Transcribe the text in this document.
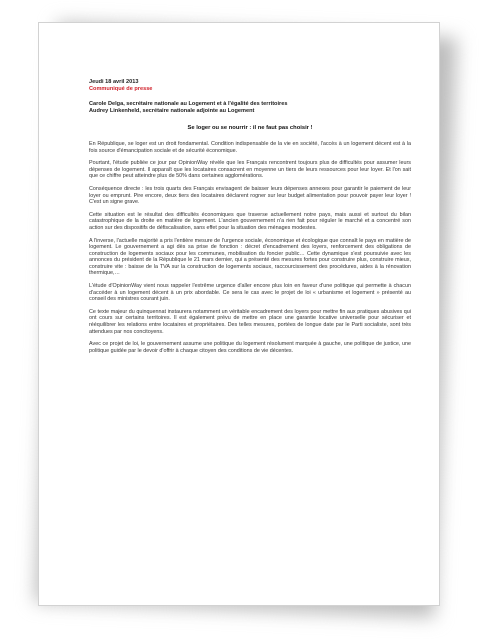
Jeudi 18 avril 2013
Communiqué de presse
Carole Delga, secrétaire nationale au Logement et à l'égalité des territoires
Audrey Linkenheld, secrétaire nationale adjointe au Logement
Se loger ou se nourrir : il ne faut pas choisir !

En République, se loger est un droit fondamental. Condition indispensable de la vie en société, l'accès à un logement décent est à la fois source d'émancipation sociale et de sécurité économique.

Pourtant, l'étude publiée ce jour par OpinionWay révèle que les Français rencontrent toujours plus de difficultés pour assumer leurs dépenses de logement. Il apparaît que les locataires consacrent en moyenne un tiers de leurs ressources pour leur loyer. Et l'on sait que ce chiffre peut atteindre plus de 50% dans certaines agglomérations.

Conséquence directe : les trois quarts des Français envisagent de baisser leurs dépenses annexes pour garantir le paiement de leur loyer ou emprunt. Pire encore, deux tiers des locataires déclarent rogner sur leur budget alimentation pour pouvoir payer leur loyer ! C'est un signe grave.

Cette situation est le résultat des difficultés économiques que traverse actuellement notre pays, mais aussi et surtout du bilan catastrophique de la droite en matière de logement. L'ancien gouvernement n'a rien fait pour réguler le marché et a concentré son action sur des dispositifs de défiscalisation, sans effet pour la situation des ménages modestes.

A l'inverse, l'actuelle majorité a pris l'entière mesure de l'urgence sociale, économique et écologique que connaît le pays en matière de logement. Le gouvernement a agi dès sa prise de fonction : décret d'encadrement des loyers, renforcement des obligations de construction de logements sociaux pour les communes, mobilisation du foncier public… Cette dynamique s'est poursuivie avec les annonces du président de la République le 21 mars dernier, qui a présenté des mesures fortes pour construire plus, construire mieux, construire vite : baisse de la TVA sur la construction de logements sociaux, raccourcissement des procédures, aides à la rénovation thermique,…

L'étude d'OpinionWay vient nous rappeler l'extrême urgence d'aller encore plus loin en faveur d'une politique qui permette à chacun d'accéder à un logement décent à un prix abordable. Ce sera le cas avec le projet de loi « urbanisme et logement » présenté au conseil des ministres courant juin.

Ce texte majeur du quinquennat instaurera notamment un véritable encadrement des loyers pour mettre fin aux pratiques abusives qui ont cours sur certains territoires. Il est également prévu de mettre en place une garantie locative universelle pour sécuriser et rééquilibrer les relations entre locataires et propriétaires. Des telles mesures, portées de longue date par le Parti socialiste, sont très attendues par nos concitoyens.

Avec ce projet de loi, le gouvernement assume une politique du logement résolument marquée à gauche, une politique de justice, une politique guidée par le devoir d'offrir à chaque citoyen des conditions de vie décentes.
